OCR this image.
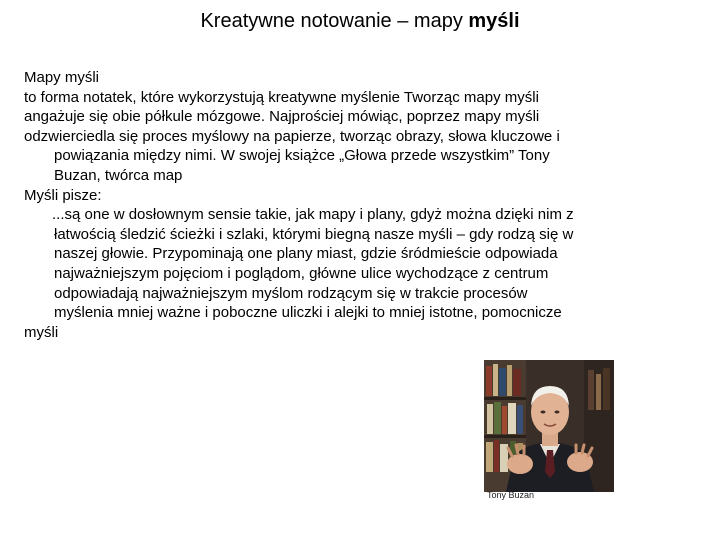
Kreatywne notowanie – mapy myśli
Mapy myśli
to forma notatek, które wykorzystują kreatywne myślenie Tworząc mapy myśli
angażuje się obie półkule mózgowe. Najprościej mówiąc, poprzez mapy myśli
odzwierciedla się proces myślowy na papierze, tworząc obrazy, słowa kluczowe i
powiązania między nimi. W swojej książce „Głowa przede wszystkim” Tony
Buzan, twórca map
Myśli pisze:
...są one w dosłownym sensie takie, jak mapy i plany, gdyż można dzięki nim z
łatwością śledzić ścieżki i szlaki, którymi biegną nasze myśli – gdy rodzą się w
naszej głowie. Przypominają one plany miast, gdzie śródmieście odpowiada
najważniejszym pojęciom i poglądom, główne ulice wychodzące z centrum
odpowiadają najważniejszym myślom rodzącym się w trakcie procesów
myślenia mniej ważne i poboczne uliczki i alejki to mniej istotne, pomocnicze
myśli
Tony Buzan
